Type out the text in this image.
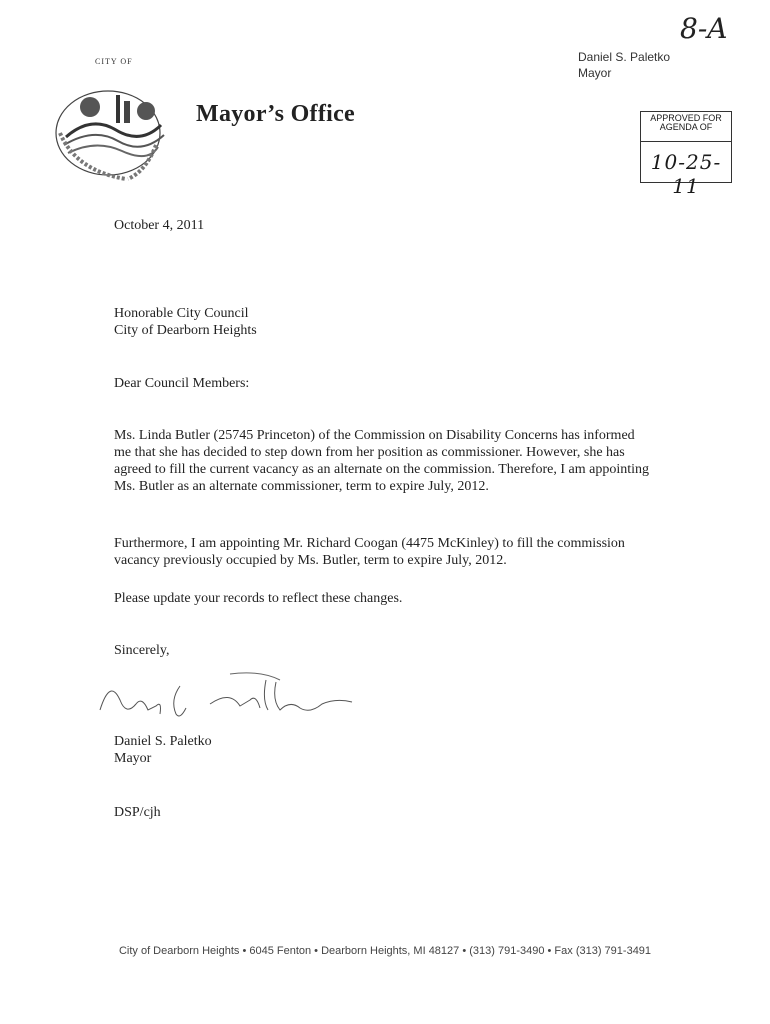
CITY OF
Mayor’s Office
Daniel S. Paletko
Mayor
8-A
APPROVED FOR AGENDA OF
10-25-11
October 4, 2011
Honorable City Council
City of Dearborn Heights
Dear Council Members:
Ms. Linda Butler (25745 Princeton) of the Commission on Disability Concerns has informed me that she has decided to step down from her position as commissioner. However, she has agreed to fill the current vacancy as an alternate on the commission. Therefore, I am appointing Ms. Butler as an alternate commissioner, term to expire July, 2012.
Furthermore, I am appointing Mr. Richard Coogan (4475 McKinley) to fill the commission vacancy previously occupied by Ms. Butler, term to expire July, 2012.
Please update your records to reflect these changes.
Sincerely,
Daniel S. Paletko
Mayor
DSP/cjh
City of Dearborn Heights • 6045 Fenton • Dearborn Heights, MI 48127 • (313) 791-3490 • Fax (313) 791-3491
